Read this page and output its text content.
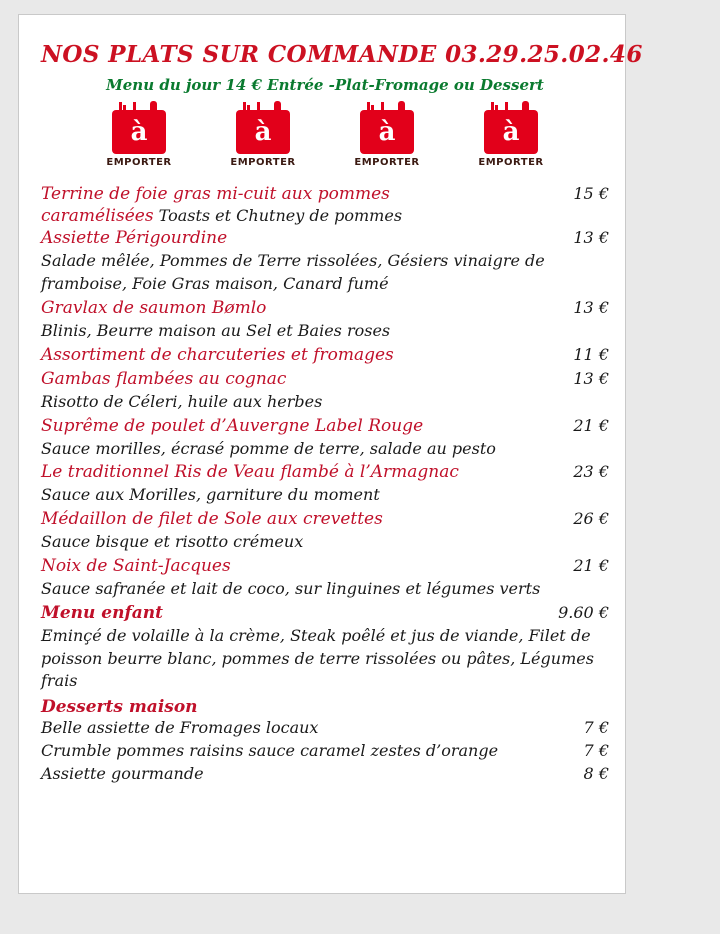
NOS PLATS SUR COMMANDE 03.29.25.02.46
Menu du jour 14 € Entrée -Plat-Fromage ou Dessert
à
EMPORTER
à
EMPORTER
à
EMPORTER
à
EMPORTER
Terrine de foie gras mi-cuit aux pommes	15 €
caramélisées Toasts et Chutney de pommes
Assiette Périgourdine	13 €
Salade mêlée, Pommes de Terre rissolées, Gésiers vinaigre de framboise, Foie Gras maison, Canard fumé
Gravlax de saumon Bømlo	13 €
Blinis, Beurre maison au Sel et Baies roses
Assortiment de charcuteries et fromages	11 €
Gambas flambées au cognac	13 €
Risotto de Céleri, huile aux herbes
Suprême de poulet d’Auvergne Label Rouge	21 €
Sauce morilles, écrasé pomme de terre, salade au pesto
Le traditionnel Ris de Veau flambé à l’Armagnac	23 €
Sauce aux Morilles, garniture du moment
Médaillon de filet de Sole aux crevettes	26 €
Sauce bisque et risotto crémeux
Noix de Saint-Jacques	21 €
Sauce safranée et lait de coco, sur linguines et légumes verts
Menu enfant	9.60 €
Eminçé de volaille à la crème, Steak poêlé et jus de viande, Filet de poisson beurre blanc, pommes de terre rissolées ou pâtes, Légumes frais
Desserts maison
Belle assiette de Fromages locaux	7 €
Crumble pommes raisins sauce caramel zestes d’orange	7 €
Assiette gourmande	8 €
